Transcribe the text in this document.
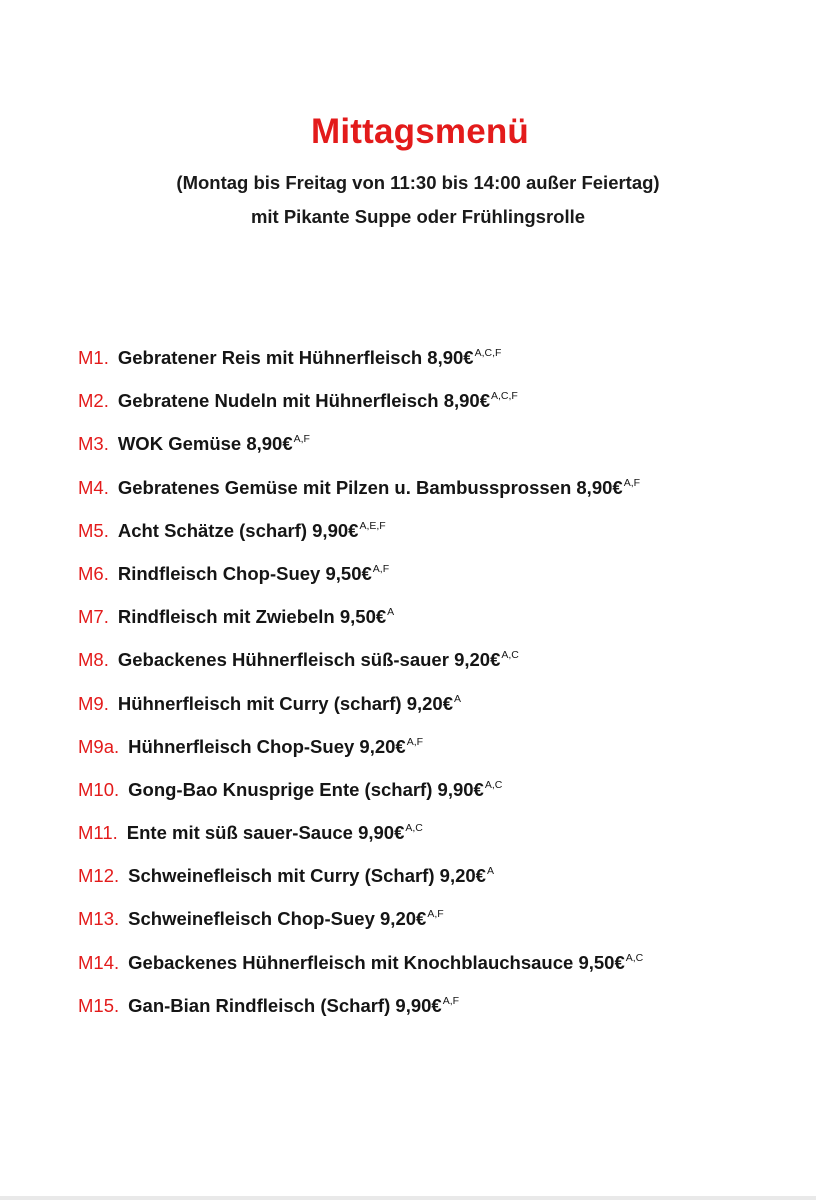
Mittagsmenü

(Montag bis Freitag von 11:30 bis 14:00 außer Feiertag)

mit Pikante Suppe oder Frühlingsrolle

M1. Gebratener Reis mit Hühnerfleisch 8,90€$^{A,C,F}$
M2. Gebratene Nudeln mit Hühnerfleisch 8,90€$^{A,C,F}$
M3. WOK Gemüse 8,90€$^{A,F}$
M4. Gebratenes Gemüse mit Pilzen u. Bambussprossen 8,90€$^{A,F}$
M5. Acht Schätze (scharf) 9,90€$^{A,E,F}$
M6. Rindfleisch Chop-Suey 9,50€$^{A,F}$
M7. Rindfleisch mit Zwiebeln 9,50€$^A$
M8. Gebackenes Hühnerfleisch süß-sauer 9,20€$^{A,C}$
M9. Hühnerfleisch mit Curry (scharf) 9,20€$^A$
M9a. Hühnerfleisch Chop-Suey 9,20€$^{A,F}$
M10. Gong-Bao Knusprige Ente (scharf) 9,90€$^{A,C}$
M11. Ente mit süß sauer-Sauce 9,90€$^{A,C}$
M12. Schweinefleisch mit Curry (Scharf) 9,20€$^A$
M13. Schweinefleisch Chop-Suey 9,20€$^{A,F}$
M14. Gebackenes Hühnerfleisch mit Knochblauchsauce 9,50€$^{A,C}$
M15. Gan-Bian Rindfleisch (Scharf) 9,90€$^{A,F}$
